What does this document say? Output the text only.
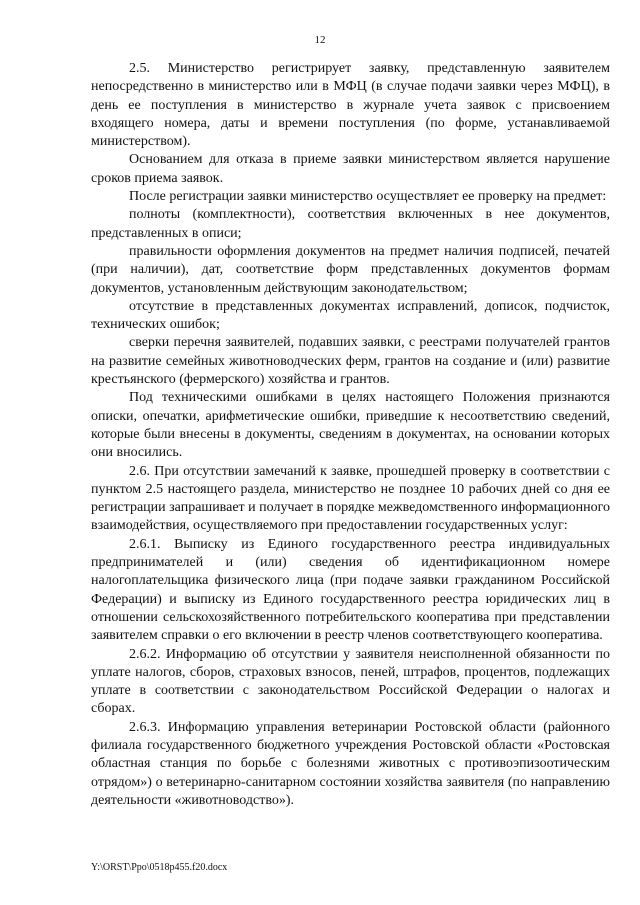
12

2.5. Министерство регистрирует заявку, представленную заявителем непосредственно в министерство или в МФЦ (в случае подачи заявки через МФЦ), в день ее поступления в министерство в журнале учета заявок с присвоением входящего номера, даты и времени поступления (по форме, устанавливаемой министерством).

Основанием для отказа в приеме заявки министерством является нарушение сроков приема заявок.

После регистрации заявки министерство осуществляет ее проверку на предмет:

полноты (комплектности), соответствия включенных в нее документов, представленных в описи;

правильности оформления документов на предмет наличия подписей, печатей (при наличии), дат, соответствие форм представленных документов формам документов, установленным действующим законодательством;

отсутствие в представленных документах исправлений, дописок, подчисток, технических ошибок;

сверки перечня заявителей, подавших заявки, с реестрами получателей грантов на развитие семейных животноводческих ферм, грантов на создание и (или) развитие крестьянского (фермерского) хозяйства и грантов.

Под техническими ошибками в целях настоящего Положения признаются описки, опечатки, арифметические ошибки, приведшие к несоответствию сведений, которые были внесены в документы, сведениям в документах, на основании которых они вносились.

2.6. При отсутствии замечаний к заявке, прошедшей проверку в соответствии с пунктом 2.5 настоящего раздела, министерство не позднее 10 рабочих дней со дня ее регистрации запрашивает и получает в порядке межведомственного информационного взаимодействия, осуществляемого при предоставлении государственных услуг:

2.6.1. Выписку из Единого государственного реестра индивидуальных предпринимателей и (или) сведения об идентификационном номере налогоплательщика физического лица (при подаче заявки гражданином Российской Федерации) и выписку из Единого государственного реестра юридических лиц в отношении сельскохозяйственного потребительского кооператива при представлении заявителем справки о его включении в реестр членов соответствующего кооператива.

2.6.2. Информацию об отсутствии у заявителя неисполненной обязанности по уплате налогов, сборов, страховых взносов, пеней, штрафов, процентов, подлежащих уплате в соответствии с законодательством Российской Федерации о налогах и сборах.

2.6.3. Информацию управления ветеринарии Ростовской области (районного филиала государственного бюджетного учреждения Ростовской области «Ростовская областная станция по борьбе с болезнями животных с противоэпизоотическим отрядом») о ветеринарно-санитарном состоянии хозяйства заявителя (по направлению деятельности «животноводство»).

Y:\ORST\Ppo\0518p455.f20.docx
